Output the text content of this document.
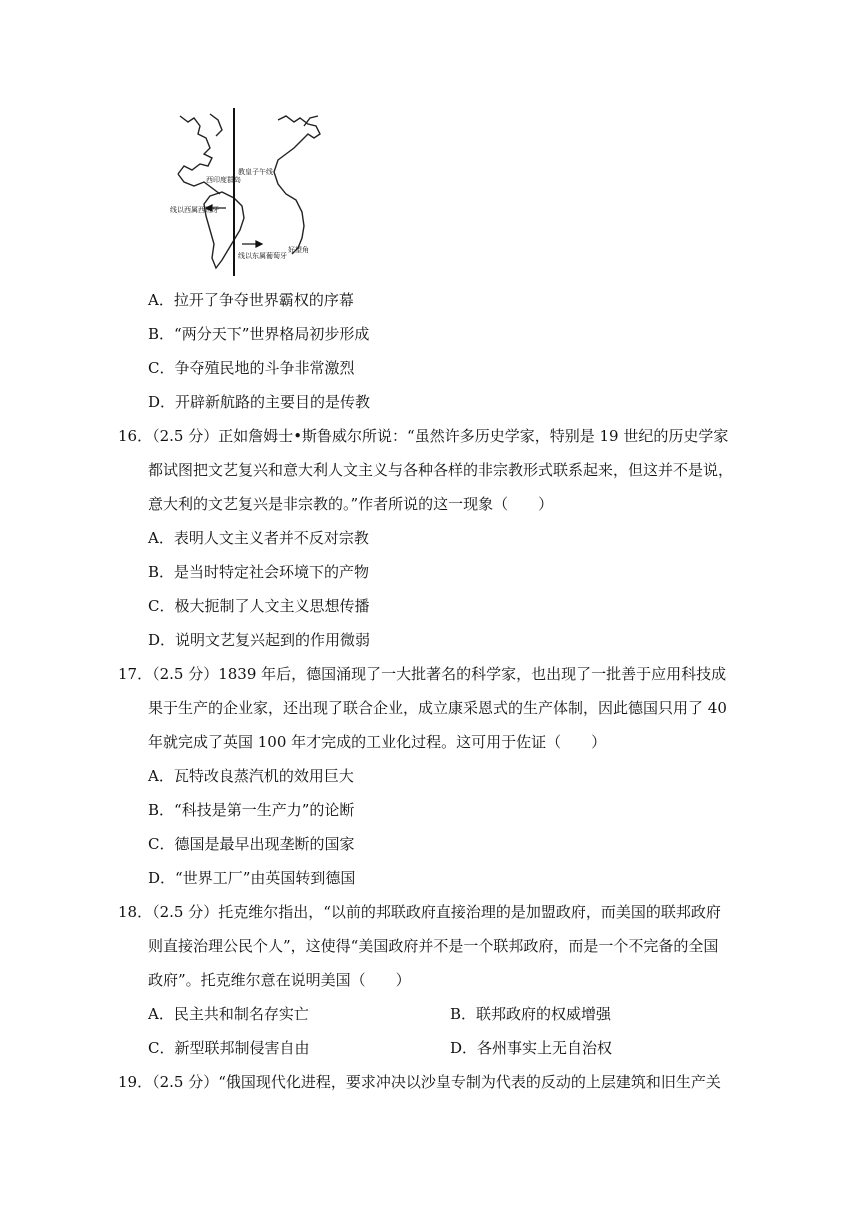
西印度群岛
教皇子午线
线以西属西班牙
线以东属葡萄牙
好望角
A．拉开了争夺世界霸权的序幕
B．“两分天下”世界格局初步形成
C．争夺殖民地的斗争非常激烈
D．开辟新航路的主要目的是传教
16．（2.5 分）正如詹姆士•斯鲁威尔所说：“虽然许多历史学家，特别是 19 世纪的历史学家
都试图把文艺复兴和意大利人文主义与各种各样的非宗教形式联系起来，但这并不是说，
意大利的文艺复兴是非宗教的。”作者所说的这一现象（　　）
A．表明人文主义者并不反对宗教
B．是当时特定社会环境下的产物
C．极大扼制了人文主义思想传播
D．说明文艺复兴起到的作用微弱
17．（2.5 分）1839 年后，德国涌现了一大批著名的科学家，也出现了一批善于应用科技成
果于生产的企业家，还出现了联合企业，成立康采恩式的生产体制，因此德国只用了 40
年就完成了英国 100 年才完成的工业化过程。这可用于佐证（　　）
A．瓦特改良蒸汽机的效用巨大
B．“科技是第一生产力”的论断
C．德国是最早出现垄断的国家
D．“世界工厂”由英国转到德国
18．（2.5 分）托克维尔指出，“以前的邦联政府直接治理的是加盟政府，而美国的联邦政府
则直接治理公民个人”，这使得“美国政府并不是一个联邦政府，而是一个不完备的全国
政府”。托克维尔意在说明美国（　　）
A．民主共和制名存实亡	B．联邦政府的权威增强
C．新型联邦制侵害自由	D．各州事实上无自治权
19．（2.5 分）“俄国现代化进程，要求冲决以沙皇专制为代表的反动的上层建筑和旧生产关
